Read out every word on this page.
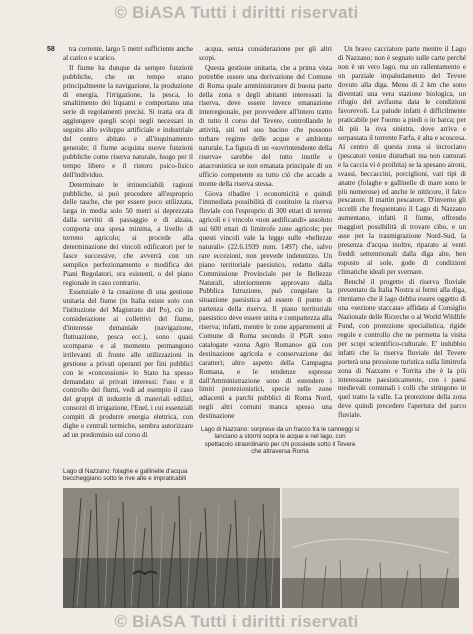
© BiASA Tutti i diritti riservati
58	tra corrente, largo 5 metri sufficiente anche al carico e scarico.

Il fiume ha dunque da sempre funzioni pubbliche, che un tempo erano principalmente la navigazione, la produzione di energia, l'irrigazione, la pesca, lo smaltimento dei liquami e comportano una serie di regolamenti precisi. Si tratta ora di aggiungere quegli scopi negli necessari in seguito allo sviluppo artificiale e industriale del centro abitato e all'inquinamento generale; il fiume acquista nuove funzioni pubbliche come riserva naturale, luogo per il tempo libero e il ristoro psico-fisico dell'individuo.

Determinate le irrinunciabili ragioni pubbliche, si può procedere all'esproprio delle tasche, che per essere poco utilizzata, larga in media solo 50 metri si deprezzata dalla servitù di passaggio e di alzaia, comporta una spesa minima, a livello di terreno agricolo; si procede alla determinazione dei vincoli edificatori per le fasce successive, che avverrà con un semplice perfezionamento e modifica dei Piani Regolatori, ora esistenti, o del piano regionale in caso contrario.

Essenziale è la creazione di una gestione unitaria del fiume (in Italia esiste solo con l'istituzione del Magistrato del Po), ciò in considerazione ai collettivi del fiume, d'interesse demaniale (navigazione, fluttuazione, pesca ecc.), sono quasi scomparse e al momento permangono irrilevanti di fronte alle utilizzazioni in gestione a privati operanti per fini pubblici con le «concessioni» lo Stato ha spesso demandato ai privati interessi: l'uso e il controllo dei fiumi, vedi ad esempio il caso del gruppi di industrie di materiali edilizi, consorzi di irrigazione, l'Enel, i cui essenziali compiti di produrre energia elettrica, con dighe e centrali termiche, sembra autorizzare ad un predominio sul corso di

acqua, senza considerazione per gli altri scopi.

Questa gestione unitaria, che a prima vista potrebbe essere una derivazione del Comune di Roma quale amministratore di buona parte della zona e degli abitanti interessati la riserva, deve essere invece emanazione interregionale, per provvedere all'intero tratto di tutto il corso del Tevere, controllando le attività, siti nel suo bacino che possono turbare regime delle acque e ambiente naturale. La figura di un «sovrintendente della riserva» sarebbe del tutto inutile e anacronistica se non emanata principale di un ufficio competente su tutto ciò che accade a monte della riserva stessa.

Giova ribadire i economicità e quindi l'immediata possibilità di costituire la riserva fluviale con l'esproprio di 300 ettari di terreni agricoli e i vincolo «non aedificandi» assoluto sui 600 ettari di limitrofe zone agricole; per questi vincoli vale la legge sulle «bellezze naturali» (22.6.1939 num. 1497) che, salvo rare eccezioni, non prevede indennizzo. Un piano territoriale paesistico, redatto dalla Commissione Provinciale per le Bellezze Naturali, ulteriormente approvato dalla Pubblica Istruzione, può congelare la situazione paesistica ad essere il punto di partenza della riserva. Il piano territoriale paesistico deve essere unita e compattezza alla riserva; infatti, mentre le zone appartenenti al Comune di Roma secondo il PGR sono catalogate «zona Agro Romano» già con destinazione agricola e conservazione dei caratteri; altro aspetto della Campagna Romana, e le tendenze espresse dall'Amministrazione sono di estendere i limiti protezionistici, specie nelle zone adiacenti a parchi pubblici di Roma Nord, negli altri comuni manca spesso una destinazione

Un bravo cacciatore parte mentre il Lago di Nazzano; non è segnato sulle carte perché non è un vero lago, ma un rallentamento e un parziale impaludamento del Tevere dovuto alla diga. Meno di 2 km che sono diventati una vera stazione biologica, un rifugio del avifauna data le condizioni favorevoli. La palude infatti è difficilmente praticabile per l'uomo a piedi o in barca; per di più la riva sinistra, dove arriva e sorpassata il torrente Farfa, è alta e scoscesa. Al centro di questa zona si incrociano (pescatori venire disturbati ma non catturati e la caccia vi è proibita) se la spesano aironi, svassi, beccaccini, porciglioni, vari tipi di anatre (folaghe e gallinelle di mare sono le più numerose) ed anche le nitticore, il falco pescatore. Il martin pescatore. D'inverno gli uccelli che frequentano il Lago di Nazzano aumentano, infatti il fiume, offrendo maggiori possibilità di trovare cibo, e un asse per la trasmigrazione Nord-Sud, la presenza d'acqua inoltre, riparato ai venti freddi settentrionali dalla diga alte, ben esposto al sole, gode di condizioni climatiche ideali per svernare.

Benché il progetto di riserva fluviale presentato da Italia Nostra si fermi alla diga, riteniamo che il lago debba essere oggetto di una «sezione staccata» affidata al Consiglio Nazionale delle Ricerche o al World Wildlife Fund, con protezione specialistica, rigide regole e controllo che ne permetta la visita per scopi scientifico-culturale. E' indubbio infatti che la riserva fluviale del Tevere porterà una pressione turistica sulla limitrofa zona di Nazzano e Torrita che è la più interessante paesisticamente, con i paesi medievali comunali i colli che stringono in quel tratto la valle. La protezione della zona deve quindi precedere l'apertura del parco fluviale.

Lago di Nazzano: folaghe e gallinelle d'acqua beccheggiano sotto le rive alte e impraticabili
Lago di Nazzano: sorprese da un fracco fra le canneggi si lanciano a stormi sopra le acque e nel lago, con spettacolo straordinario per chi possiede sotto il Tevere che attraversa Roma
© BiASA Tutti i diritti riservati
